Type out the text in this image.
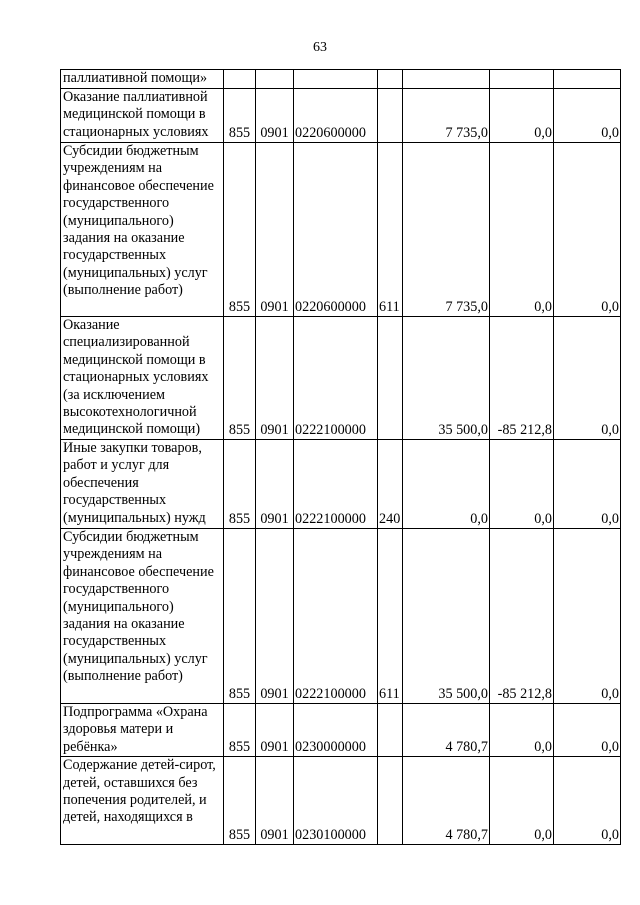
63
паллиативной помощи»							
Оказание паллиативной медицинской помощи в стационарных условиях	855	0901	0220600000		7 735,0	0,0	0,0
Субсидии бюджетным учреждениям на финансовое обеспечение государственного (муниципального) задания на оказание государственных (муниципальных) услуг (выполнение работ)	855	0901	0220600000	611	7 735,0	0,0	0,0
Оказание специализированной медицинской помощи в стационарных условиях (за исключением высокотехнологичной медицинской помощи)	855	0901	0222100000		35 500,0	-85 212,8	0,0
Иные закупки товаров, работ и услуг для обеспечения государственных (муниципальных) нужд	855	0901	0222100000	240	0,0	0,0	0,0
Субсидии бюджетным учреждениям на финансовое обеспечение государственного (муниципального) задания на оказание государственных (муниципальных) услуг (выполнение работ)	855	0901	0222100000	611	35 500,0	-85 212,8	0,0
Подпрограмма «Охрана здоровья матери и ребёнка»	855	0901	0230000000		4 780,7	0,0	0,0
Содержание детей-сирот, детей, оставшихся без попечения родителей, и детей, находящихся в	855	0901	0230100000		4 780,7	0,0	0,0
